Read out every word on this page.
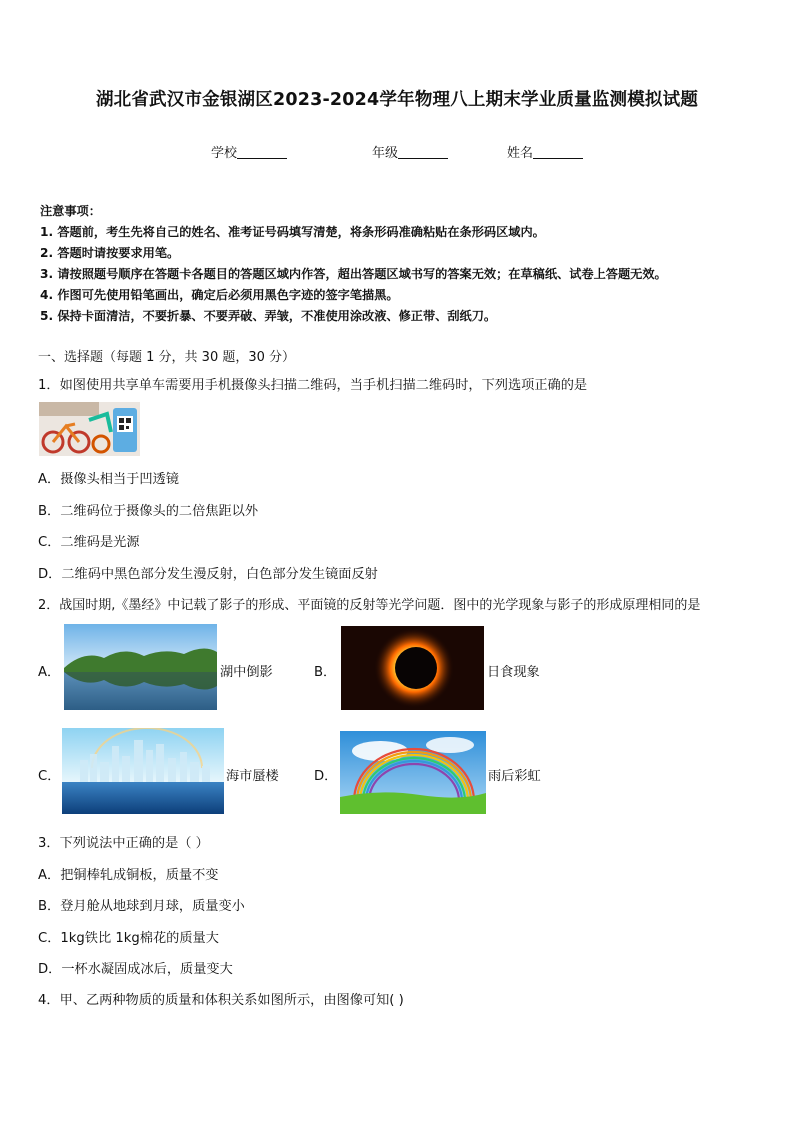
湖北省武汉市金银湖区2023-2024学年物理八上期末学业质量监测模拟试题
学校	年级	姓名
注意事项：
1. 答题前，考生先将自己的姓名、准考证号码填写清楚，将条形码准确粘贴在条形码区域内。
2. 答题时请按要求用笔。
3. 请按照题号顺序在答题卡各题目的答题区域内作答，超出答题区域书写的答案无效；在草稿纸、试卷上答题无效。
4. 作图可先使用铅笔画出，确定后必须用黑色字迹的签字笔描黑。
5. 保持卡面清洁，不要折暴、不要弄破、弄皱，不准使用涂改液、修正带、刮纸刀。
一、选择题（每题 1 分，共 30 题，30 分）
1．如图使用共享单车需要用手机摄像头扫描二维码，当手机扫描二维码时，下列选项正确的是
A．摄像头相当于凹透镜
B．二维码位于摄像头的二倍焦距以外
C．二维码是光源
D．二维码中黑色部分发生漫反射，白色部分发生镜面反射
2．战国时期,《墨经》中记载了影子的形成、平面镜的反射等光学问题．图中的光学现象与影子的形成原理相同的是
A．	湖中倒影	B．	日食现象
C．	海市蜃楼	D．	雨后彩虹
3．下列说法中正确的是（ ）
A．把铜棒轧成铜板，质量不变
B．登月舱从地球到月球，质量变小
C．1kg铁比 1kg棉花的质量大
D．一杯水凝固成冰后，质量变大
4．甲、乙两种物质的质量和体积关系如图所示，由图像可知( )
